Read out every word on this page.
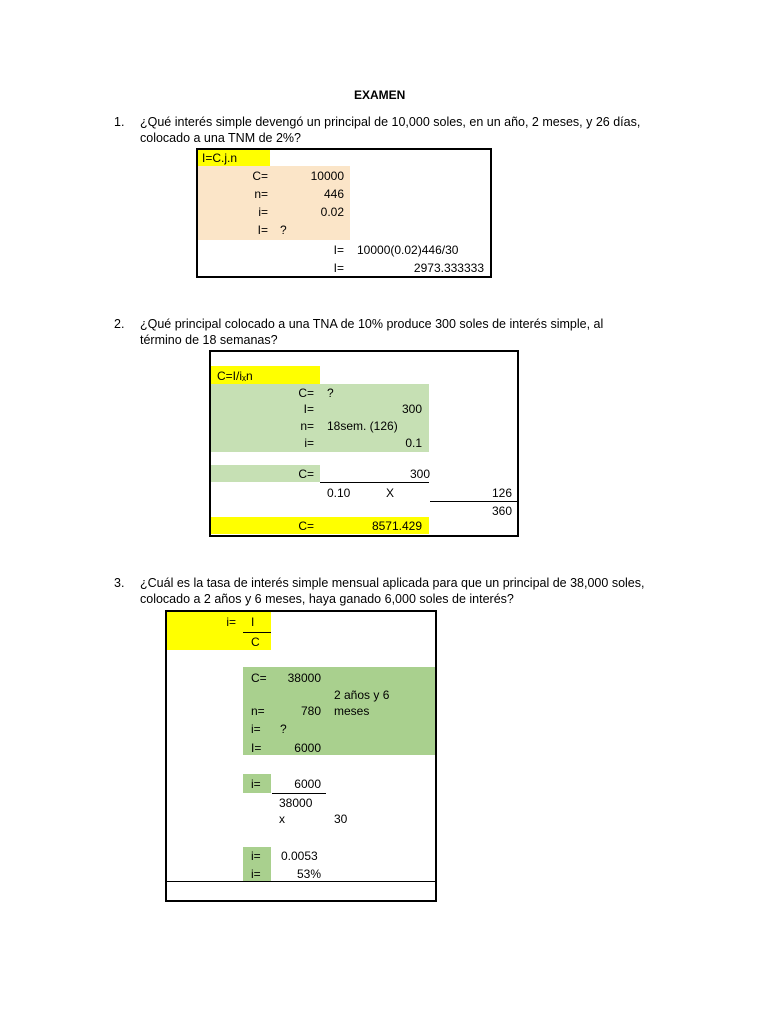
EXAMEN
1. ¿Qué interés simple devengó un principal de 10,000 soles, en un año, 2 meses, y 26 días,
colocado a una TNM de 2%?
I=C.j.n
C=	10000
n=	446
i=	0.02
I= ?
I= 10000(0.02)446/30
I=	2973.333333
2. ¿Qué principal colocado a una TNA de 10% produce 300 soles de interés simple, al
término de 18 semanas?
C=I/iₓn
C= ?
I=	300
n= 18sem. (126)
i=	0.1
C=	300
0.10	X	126
360
C=	8571.429
3. ¿Cuál es la tasa de interés simple mensual aplicada para que un principal de 38,000 soles,
colocado a 2 años y 6 meses, haya ganado 6,000 soles de interés?
i= I
C
C=	38000
2 años y 6
meses
n=	780
i= ?
I=	6000
i=	6000
38000
x	30
i= 0.0053
i=	53%
